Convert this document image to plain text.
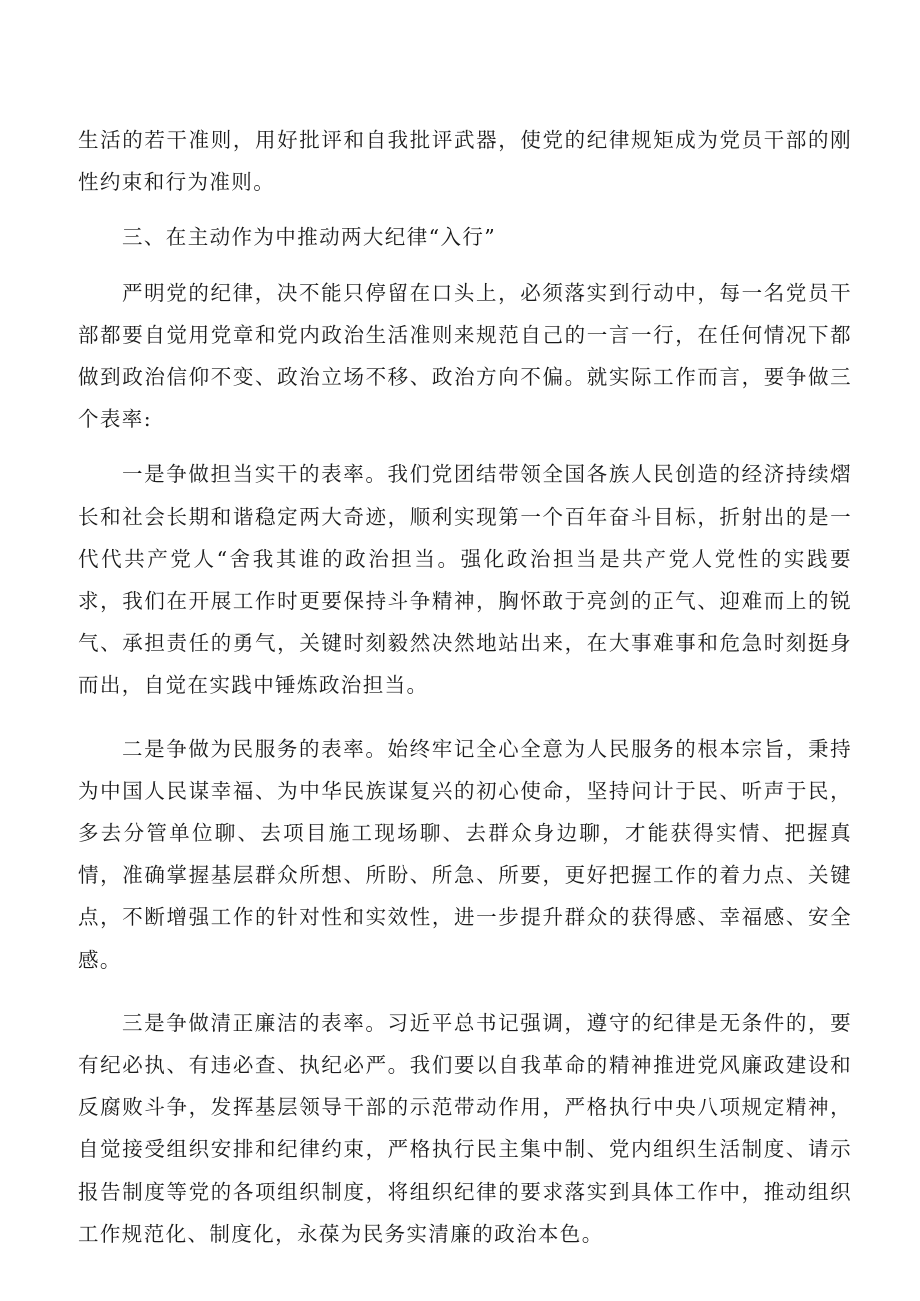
生活的若干准则，用好批评和自我批评武器，使党的纪律规矩成为党员干部的刚性约束和行为准则。

三、在主动作为中推动两大纪律“入行”

严明党的纪律，决不能只停留在口头上，必须落实到行动中，每一名党员干部都要自觉用党章和党内政治生活准则来规范自己的一言一行，在任何情况下都做到政治信仰不变、政治立场不移、政治方向不偏。就实际工作而言，要争做三个表率:

一是争做担当实干的表率。我们党团结带领全国各族人民创造的经济持续熠长和社会长期和谐稳定两大奇迹，顺利实现第一个百年奋斗目标，折射出的是一代代共产党人“舍我其谁的政治担当。强化政治担当是共产党人党性的实践要求，我们在开展工作时更要保持斗争精神，胸怀敢于亮剑的正气、迎难而上的锐气、承担责任的勇气，关键时刻毅然决然地站出来，在大事难事和危急时刻挺身而出，自觉在实践中锤炼政治担当。

二是争做为民服务的表率。始终牢记全心全意为人民服务的根本宗旨，秉持为中国人民谋幸福、为中华民族谋复兴的初心使命，坚持问计于民、听声于民，多去分管单位聊、去项目施工现场聊、去群众身边聊，才能获得实情、把握真情，准确掌握基层群众所想、所盼、所急、所要，更好把握工作的着力点、关键点，不断增强工作的针对性和实效性，进一步提升群众的获得感、幸福感、安全感。

三是争做清正廉洁的表率。习近平总书记强调，遵守的纪律是无条件的，要有纪必执、有违必查、执纪必严。我们要以自我革命的精神推进党风廉政建设和反腐败斗争，发挥基层领导干部的示范带动作用，严格执行中央八项规定精神，自觉接受组织安排和纪律约束，严格执行民主集中制、党内组织生活制度、请示报告制度等党的各项组织制度，将组织纪律的要求落实到具体工作中，推动组织工作规范化、制度化，永葆为民务实清廉的政治本色。
